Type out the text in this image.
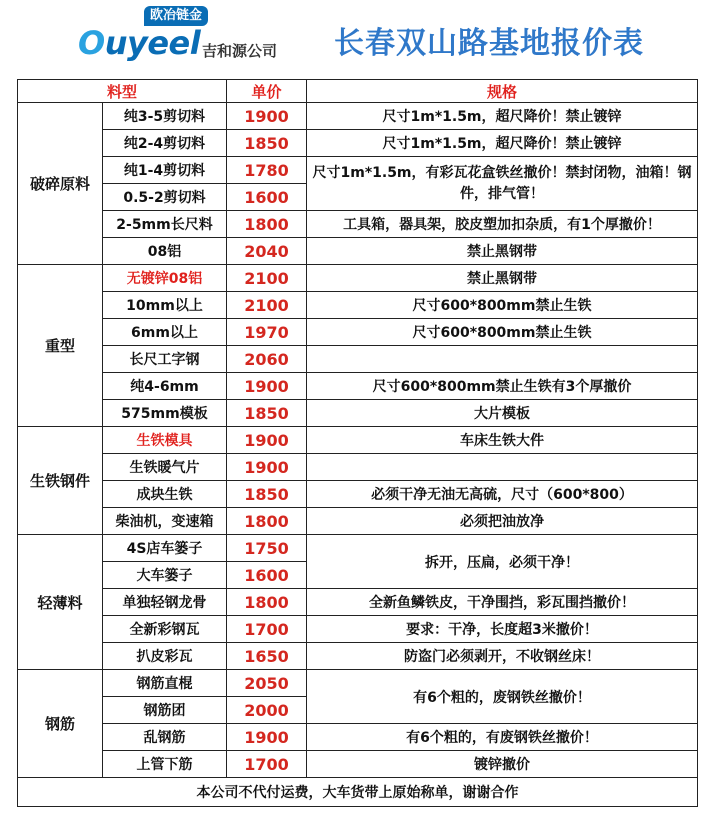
欧冶链金
Ouyeel 吉和源公司 长春双山路基地报价表
料型		单价	规格
破碎原料	纯3-5剪切料	1900	尺寸1m*1.5m，超尺降价！禁止镀锌
	纯2-4剪切料	1850	尺寸1m*1.5m，超尺降价！禁止镀锌
	纯1-4剪切料	1780	尺寸1m*1.5m，有彩瓦花盒铁丝撤价！禁封闭物，油箱！钢件，排气管！
	0.5-2剪切料	1600	
	2-5mm长尺料	1800	工具箱，器具架，胶皮塑加扣杂质，有1个厚撤价！
	08铝	2040	禁止黑钢带
重型	无镀锌08铝	2100	禁止黑钢带
	10mm以上	2100	尺寸600*800mm禁止生铁
	6mm以上	1970	尺寸600*800mm禁止生铁
	长尺工字钢	2060	
	纯4-6mm	1900	尺寸600*800mm禁止生铁有3个厚撤价
	575mm模板	1850	大片模板
生铁钢件	生铁模具	1900	车床生铁大件
	生铁暖气片	1900	
	成块生铁	1850	必须干净无油无高硫，尺寸（600*800）
	柴油机，变速箱	1800	必须把油放净
轻薄料	4S店车篓子	1750	拆开，压扁，必须干净！
	大车篓子	1600	
	单独轻钢龙骨	1800	全新鱼鳞铁皮，干净围挡，彩瓦围挡撤价！
	全新彩钢瓦	1700	要求：干净，长度超3米撤价！
	扒皮彩瓦	1650	防盗门必须剥开，不收钢丝床！
钢筋	钢筋直棍	2050	有6个粗的，废钢铁丝撤价！
	钢筋团	2000	
	乱钢筋	1900	有6个粗的，有废钢铁丝撤价！
	上管下筋	1700	镀锌撤价
本公司不代付运费，大车货带上原始称单，谢谢合作			
